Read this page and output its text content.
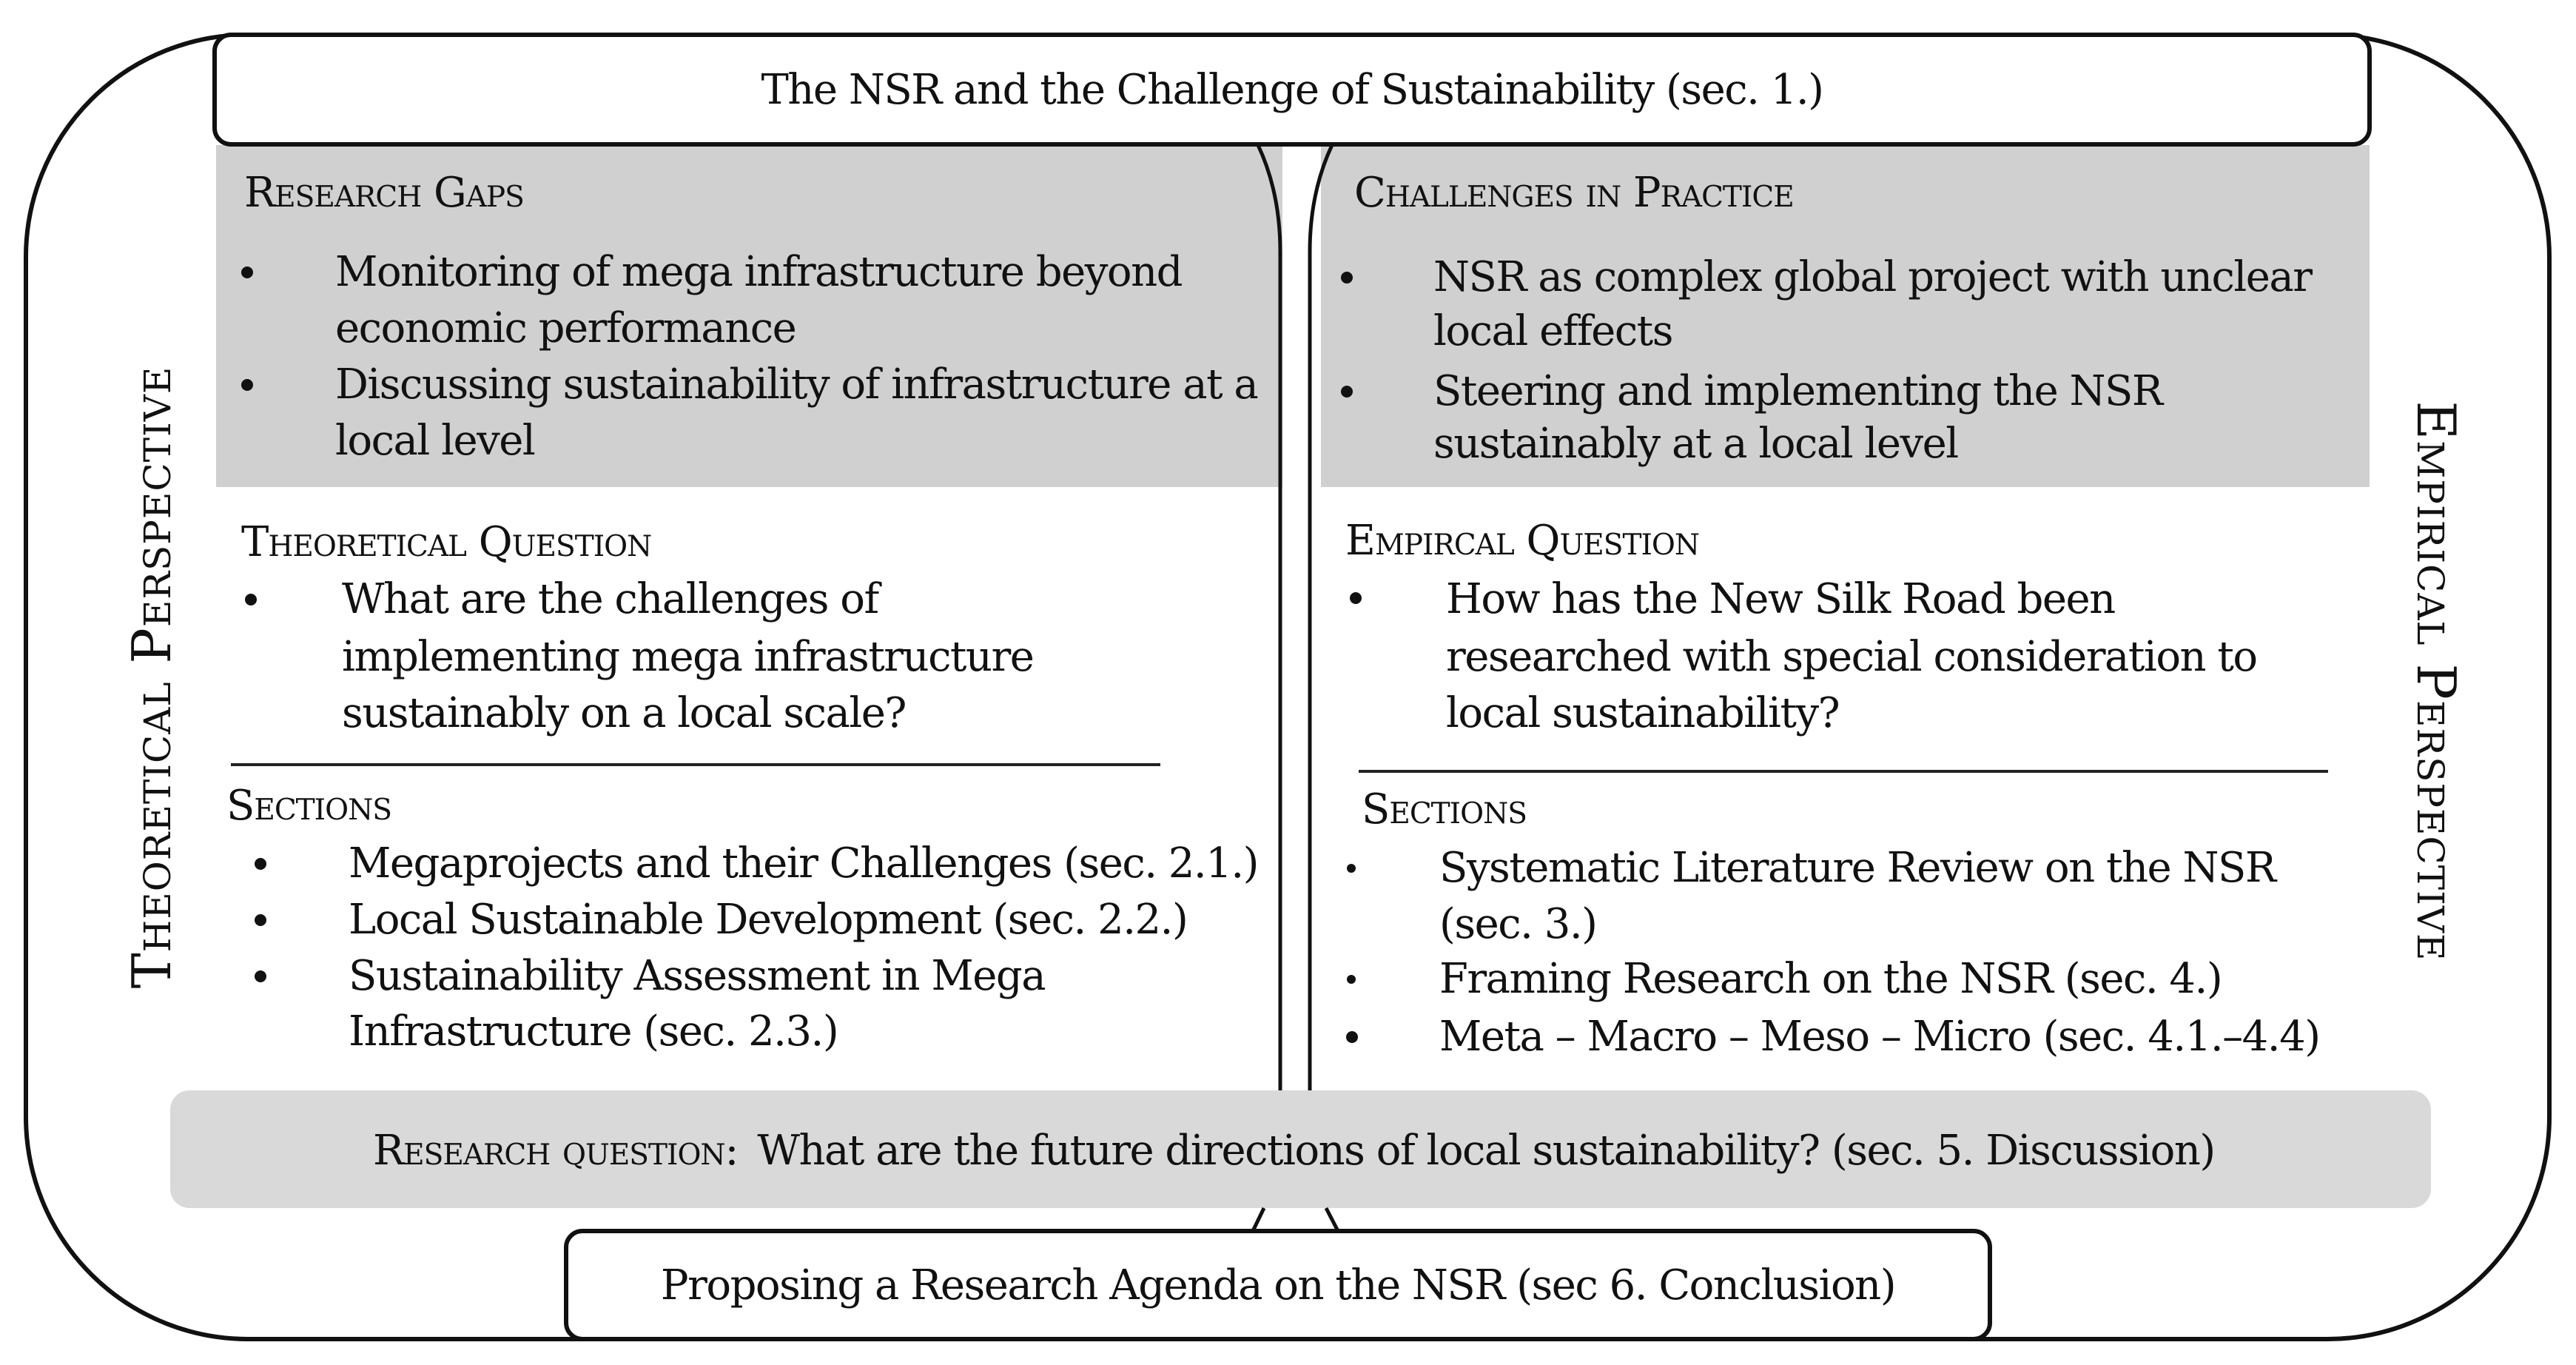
The NSR and the Challenge of Sustainability (sec. 1.)
Theoretical Perspective	Empirical Perspective
Research Gaps
Monitoring of mega infrastructure beyond
economic performance
Discussing sustainability of infrastructure at a
local level
Challenges in Practice
NSR as complex global project with unclear
local effects
Steering and implementing the NSR
sustainably at a local level
Theoretical Question
What are the challenges of
implementing mega infrastructure
sustainably on a local scale?
Empircal Question
How has the New Silk Road been
researched with special consideration to
local sustainability?
Sections
Megaprojects and their Challenges (sec. 2.1.)
Local Sustainable Development (sec. 2.2.)
Sustainability Assessment in Mega
Infrastructure (sec. 2.3.)
Sections
Systematic Literature Review on the NSR
(sec. 3.)
Framing Research on the NSR (sec. 4.)
Meta – Macro – Meso – Micro (sec. 4.1.–4.4)
Research question: What are the future directions of local sustainability? (sec. 5. Discussion)
Proposing a Research Agenda on the NSR (sec 6. Conclusion)
